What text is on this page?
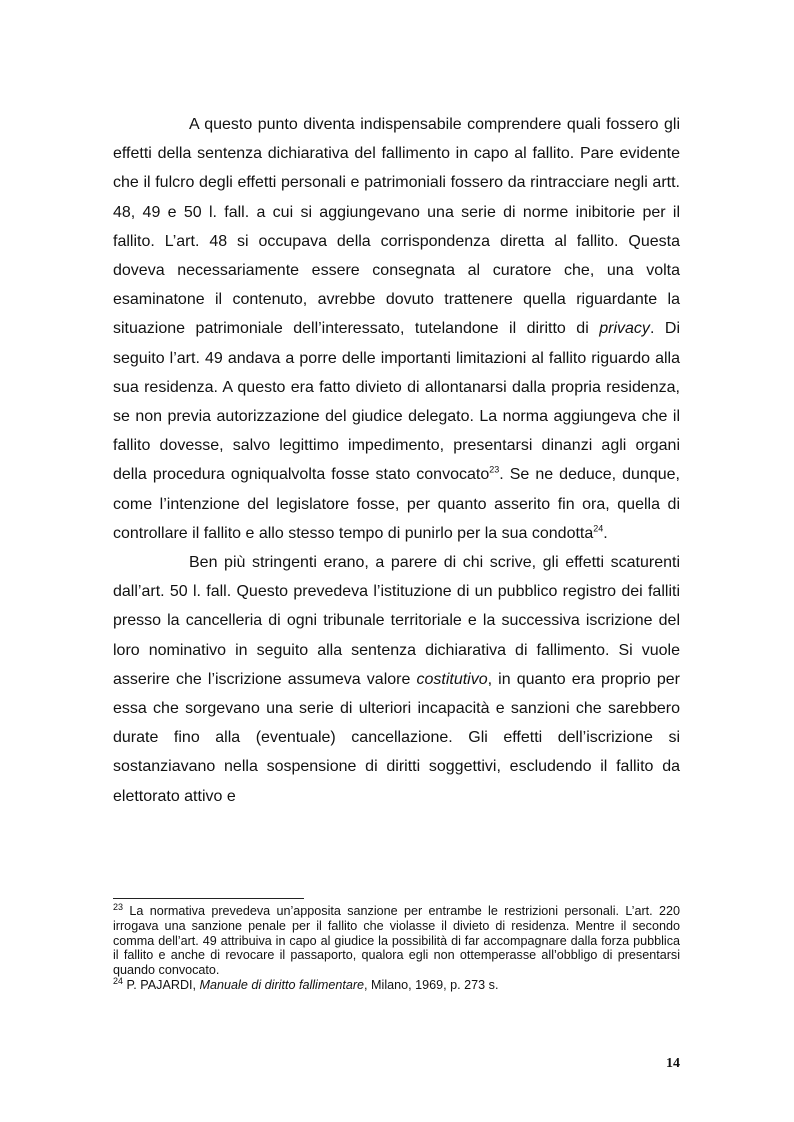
A questo punto diventa indispensabile comprendere quali fossero gli effetti della sentenza dichiarativa del fallimento in capo al fallito. Pare evidente che il fulcro degli effetti personali e patrimoniali fossero da rintracciare negli artt. 48, 49 e 50 l. fall. a cui si aggiungevano una serie di norme inibitorie per il fallito. L’art. 48 si occupava della corrispondenza diretta al fallito. Questa doveva necessariamente essere consegnata al curatore che, una volta esaminatone il contenuto, avrebbe dovuto trattenere quella riguardante la situazione patrimoniale dell’interessato, tutelandone il diritto di privacy. Di seguito l’art. 49 andava a porre delle importanti limitazioni al fallito riguardo alla sua residenza. A questo era fatto divieto di allontanarsi dalla propria residenza, se non previa autorizzazione del giudice delegato. La norma aggiungeva che il fallito dovesse, salvo legittimo impedimento, presentarsi dinanzi agli organi della procedura ogniqualvolta fosse stato convocato$^{23}$. Se ne deduce, dunque, come l’intenzione del legislatore fosse, per quanto asserito fin ora, quella di controllare il fallito e allo stesso tempo di punirlo per la sua condotta$^{24}$.

Ben più stringenti erano, a parere di chi scrive, gli effetti scaturenti dall’art. 50 l. fall. Questo prevedeva l’istituzione di un pubblico registro dei falliti presso la cancelleria di ogni tribunale territoriale e la successiva iscrizione del loro nominativo in seguito alla sentenza dichiarativa di fallimento. Si vuole asserire che l’iscrizione assumeva valore costitutivo, in quanto era proprio per essa che sorgevano una serie di ulteriori incapacità e sanzioni che sarebbero durate fino alla (eventuale) cancellazione. Gli effetti dell’iscrizione si sostanziavano nella sospensione di diritti soggettivi, escludendo il fallito da elettorato attivo e

$^{23}$ La normativa prevedeva un’apposita sanzione per entrambe le restrizioni personali. L’art. 220 irrogava una sanzione penale per il fallito che violasse il divieto di residenza. Mentre il secondo comma dell’art. 49 attribuiva in capo al giudice la possibilità di far accompagnare dalla forza pubblica il fallito e anche di revocare il passaporto, qualora egli non ottemperasse all’obbligo di presentarsi quando convocato.

$^{24}$ P. PAJARDI, Manuale di diritto fallimentare, Milano, 1969, p. 273 s.

14
